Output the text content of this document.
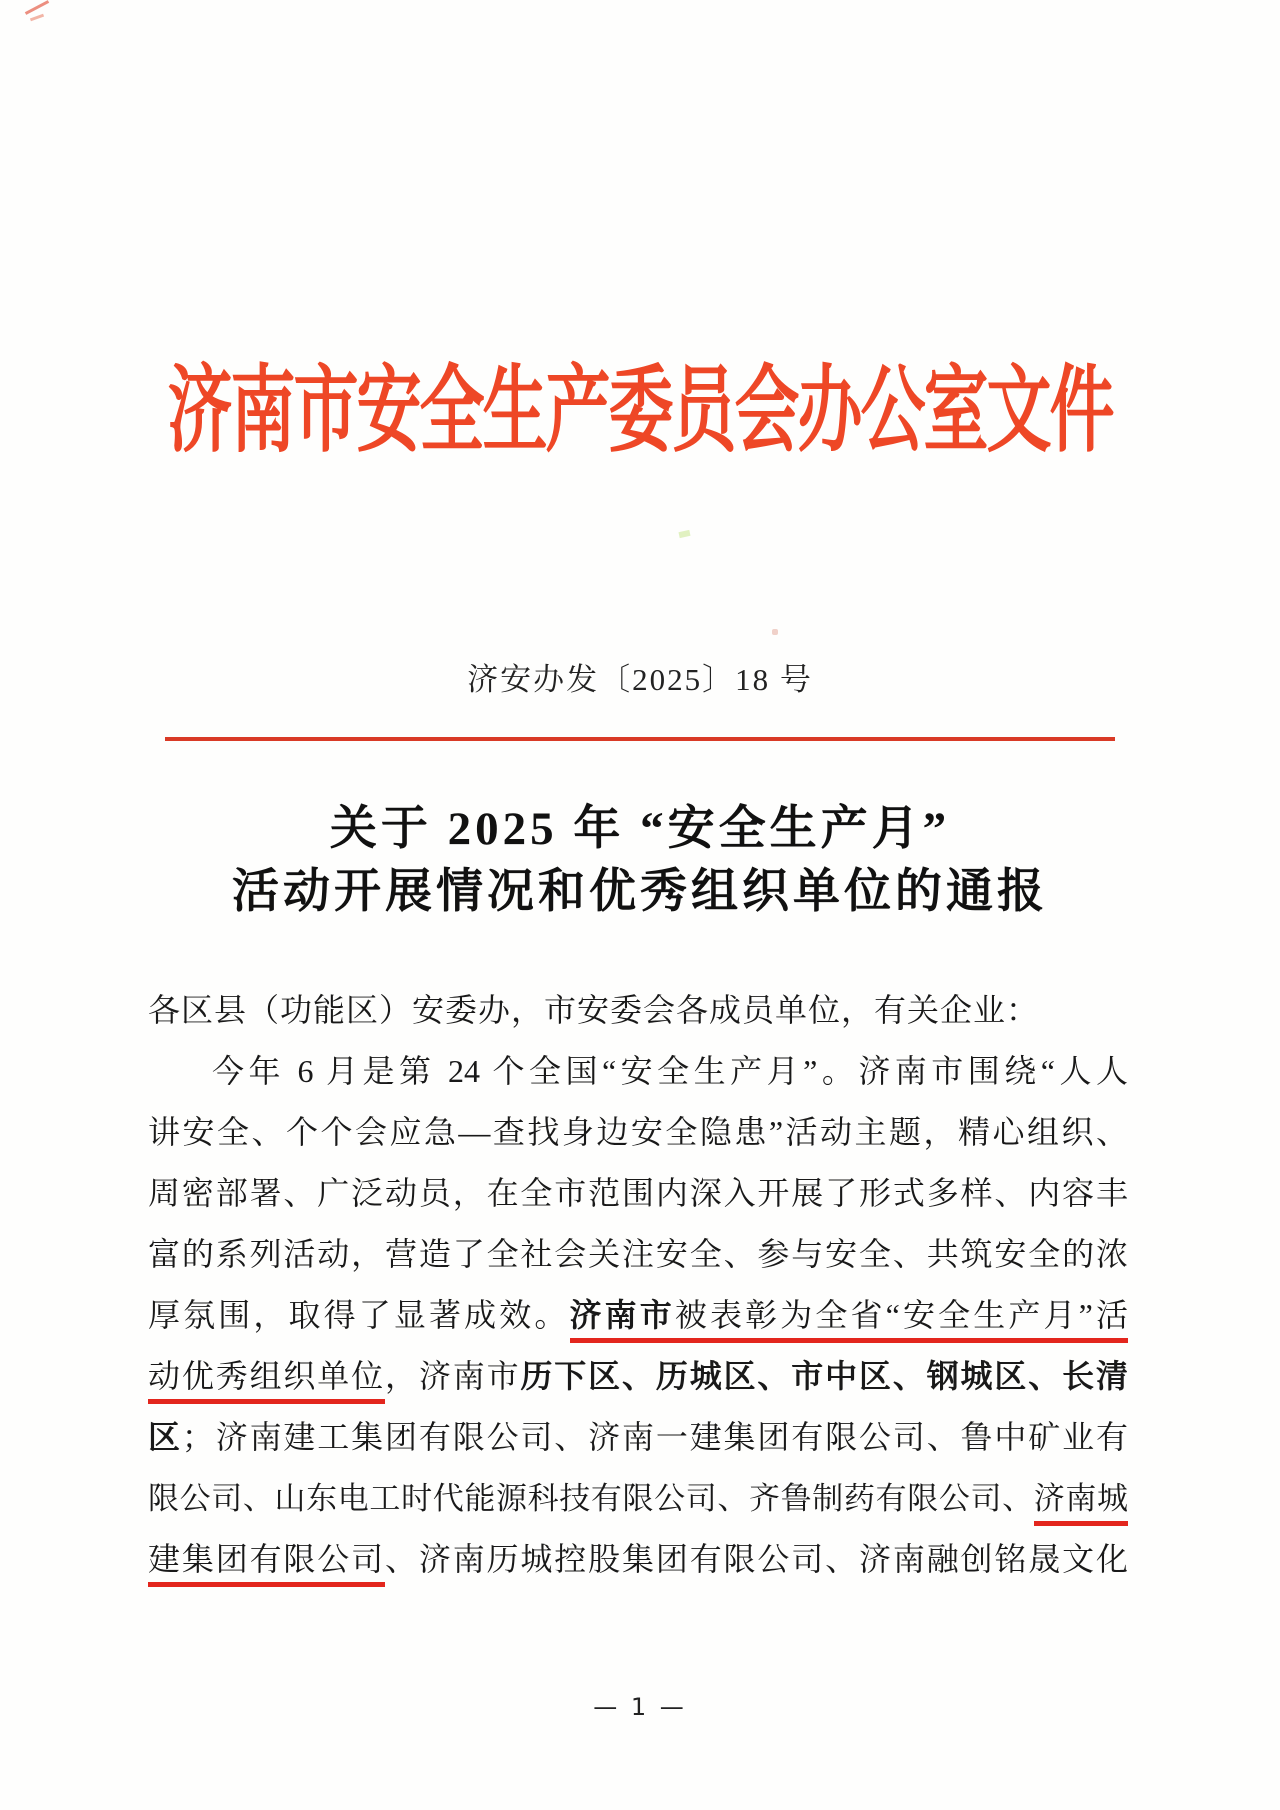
济南市安全生产委员会办公室文件
济安办发〔2025〕18 号
关于 2025 年 “安全生产月”
活动开展情况和优秀组织单位的通报
各区县（功能区）安委办，市安委会各成员单位，有关企业：
今年 6 月是第 24 个全国“安全生产月”。济南市围绕“人人
讲安全、个个会应急—查找身边安全隐患”活动主题，精心组织、
周密部署、广泛动员，在全市范围内深入开展了形式多样、内容丰
富的系列活动，营造了全社会关注安全、参与安全、共筑安全的浓
厚氛围，取得了显著成效。济南市被表彰为全省“安全生产月”活
动优秀组织单位，济南市历下区、历城区、市中区、钢城区、长清
区；济南建工集团有限公司、济南一建集团有限公司、鲁中矿业有
限公司、山东电工时代能源科技有限公司、齐鲁制药有限公司、济南城
建集团有限公司、济南历城控股集团有限公司、济南融创铭晟文化
— 1 —
